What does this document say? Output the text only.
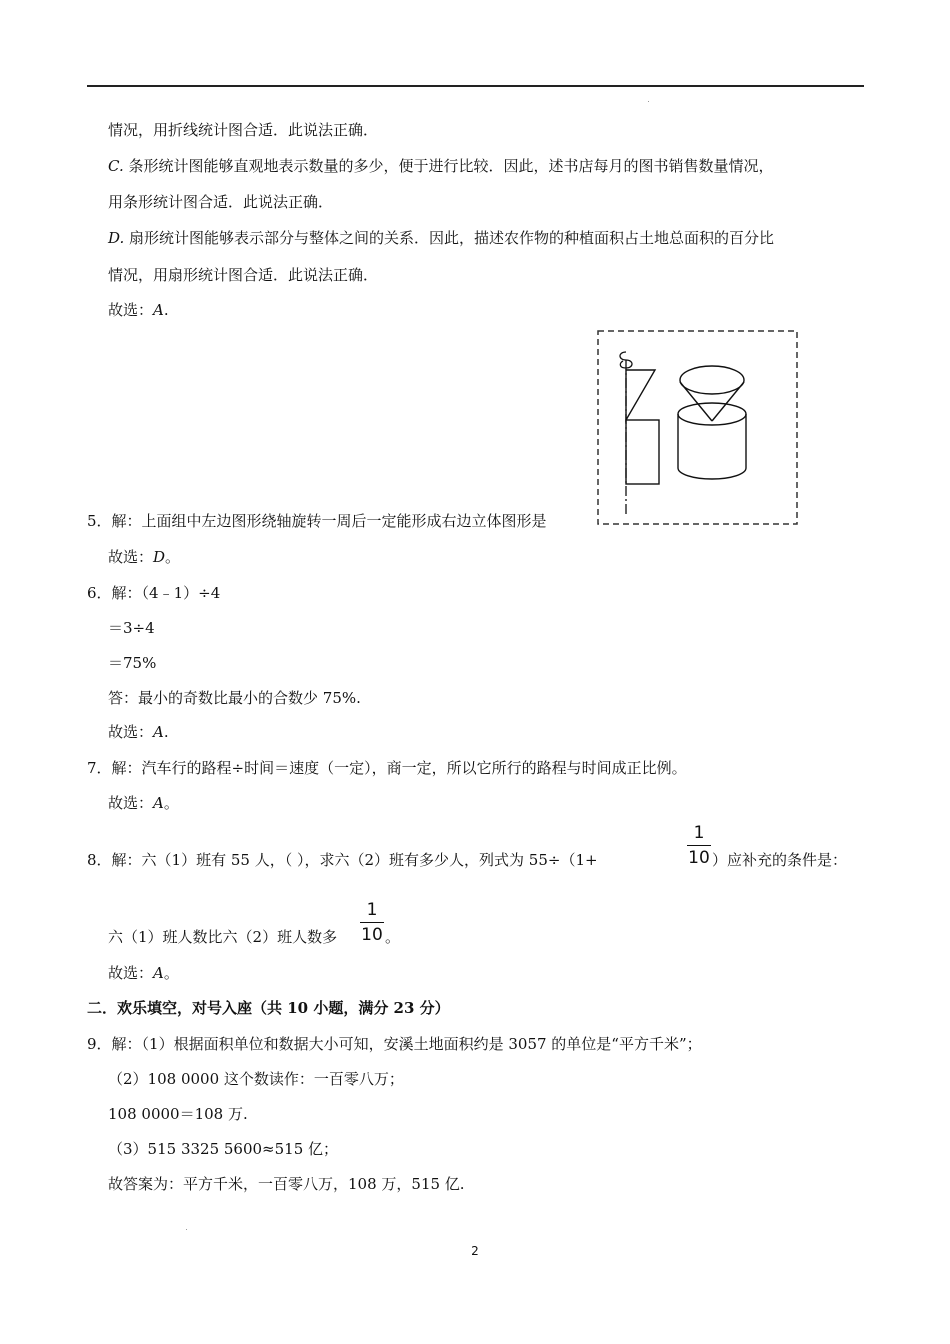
情况，用折线统计图合适．此说法正确．
C. 条形统计图能够直观地表示数量的多少，便于进行比较．因此，述书店每月的图书销售数量情况，
用条形统计图合适．此说法正确．
D. 扇形统计图能够表示部分与整体之间的关系．因此，描述农作物的种植面积占土地总面积的百分比
情况，用扇形统计图合适．此说法正确．
故选：A.
5．解：上面组中左边图形绕轴旋转一周后一定能形成右边立体图形是
故选：D。
6．解：（4﹣1）÷4
＝3÷4
＝75%
答：最小的奇数比最小的合数少 75%.
故选：A.
7．解：汽车行的路程÷时间＝速度（一定），商一定，所以它所行的路程与时间成正比例。
故选：A。
8．解：六（1）班有 55 人，（ ），求六（2）班有多少人，列式为 55÷（1+
1
10 ）应补充的条件是：
六（1）班人数比六（2）班人数多
1
10 。
故选：A。
二．欢乐填空，对号入座（共 10 小题，满分 23 分）
9．解：（1）根据面积单位和数据大小可知，安溪土地面积约是 3057 的单位是“平方千米”；
（2）108 0000 这个数读作：一百零八万；
108 0000＝108 万.
（3）515 3325 5600≈515 亿；
故答案为：平方千米，一百零八万，108 万，515 亿.
2
